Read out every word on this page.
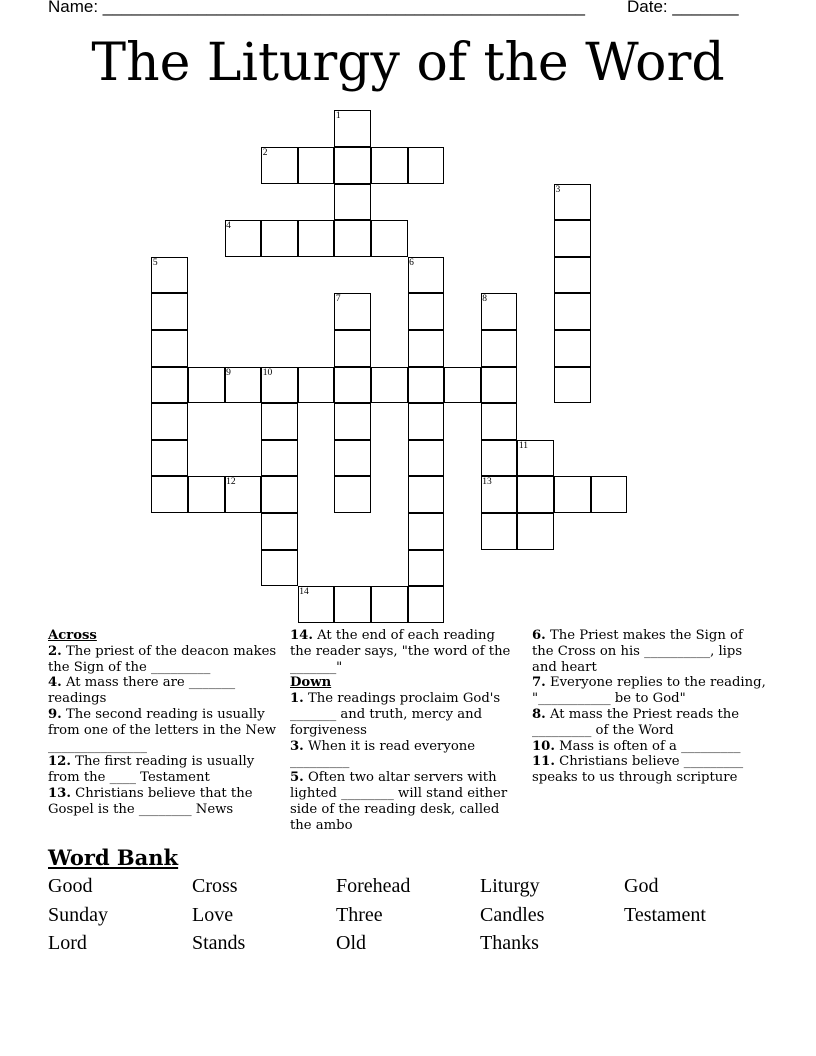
Name: ___________________________________________________ Date: _______
The Liturgy of the Word
1
2
3
4
5	6
7	8
9	10
11
12	13
14
Across
2. The priest of the deacon makes the Sign of the _________
4. At mass there are _______ readings
9. The second reading is usually from one of the letters in the New _______________
12. The first reading is usually from the ____ Testament
13. Christians believe that the Gospel is the ________ News
14. At the end of each reading the reader says, "the word of the _______"
Down
1. The readings proclaim God's _______ and truth, mercy and forgiveness
3. When it is read everyone _________
5. Often two altar servers with lighted ________ will stand either side of the reading desk, called the ambo
6. The Priest makes the Sign of the Cross on his __________, lips and heart
7. Everyone replies to the reading, "___________ be to God"
8. At mass the Priest reads the _________ of the Word
10. Mass is often of a _________
11. Christians believe _________ speaks to us through scripture
Word Bank
Good	Cross	Forehead	Liturgy	God
Sunday	Love	Three	Candles	Testament
Lord	Stands	Old	Thanks
